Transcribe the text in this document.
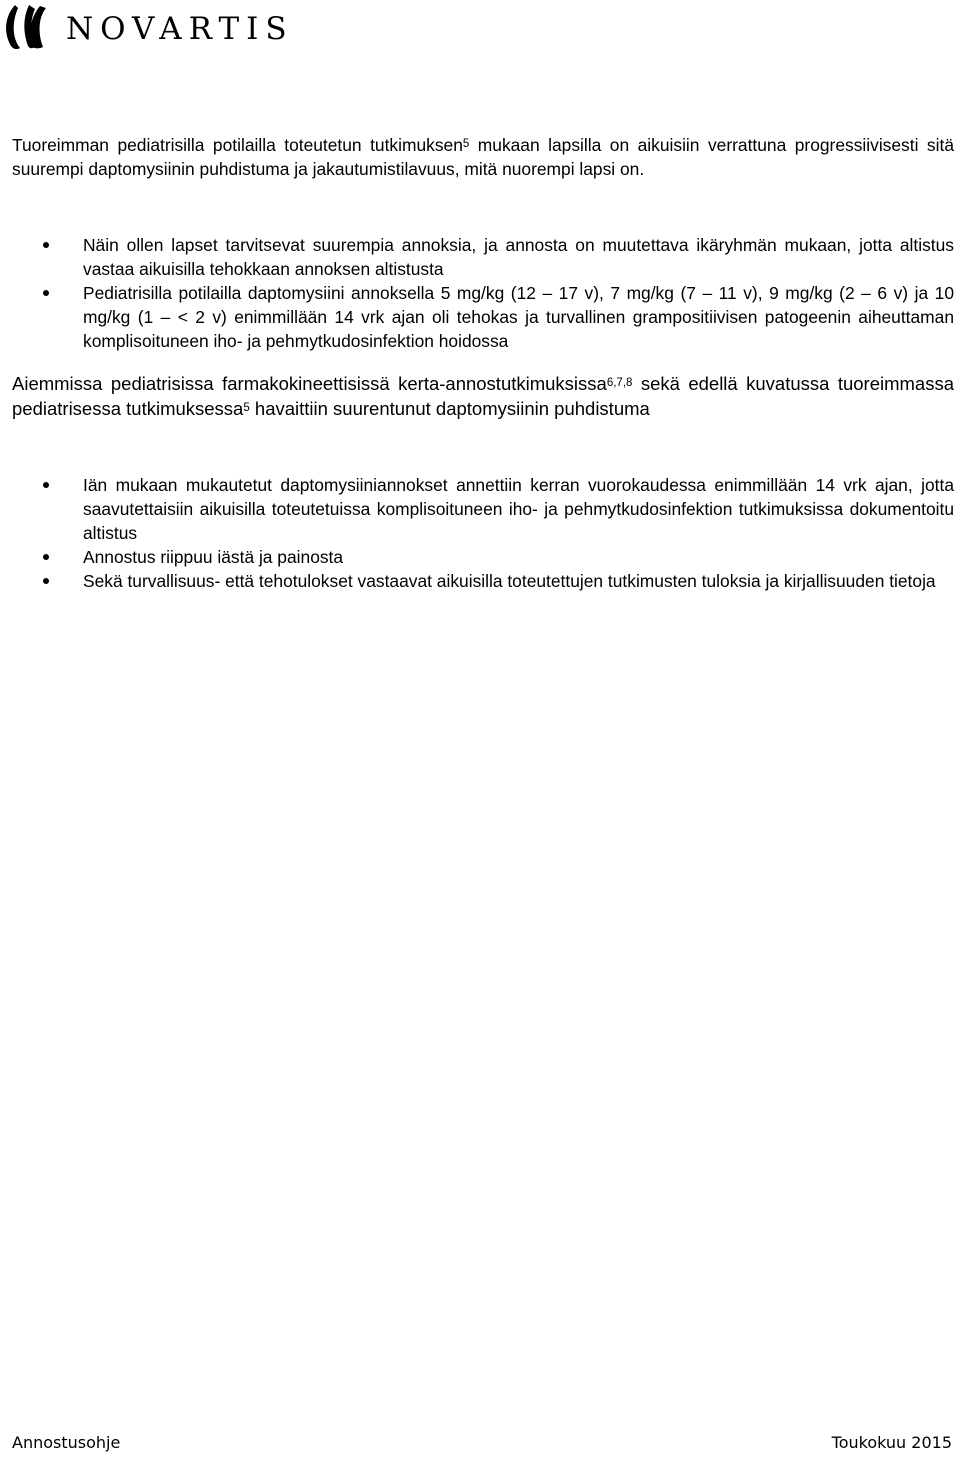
NOVARTIS

Tuoreimman pediatrisilla potilailla toteutetun tutkimuksen$^5$ mukaan lapsilla on aikuisiin verrattuna progressiivisesti sitä suurempi daptomysiinin puhdistuma ja jakautumistilavuus, mitä nuorempi lapsi on.

Näin ollen lapset tarvitsevat suurempia annoksia, ja annosta on muutettava ikäryhmän mukaan, jotta altistus vastaa aikuisilla tehokkaan annoksen altistusta
Pediatrisilla potilailla daptomysiini annoksella 5 mg/kg (12 – 17 v), 7 mg/kg (7 – 11 v), 9 mg/kg (2 – 6 v) ja 10 mg/kg (1 – < 2 v) enimmillään 14 vrk ajan oli tehokas ja turvallinen grampositiivisen patogeenin aiheuttaman komplisoituneen iho- ja pehmytkudosinfektion hoidossa

Aiemmissa pediatrisissa farmakokineettisissä kerta-annostutkimuksissa$^{6,7,8}$ sekä edellä kuvatussa tuoreimmassa pediatrisessa tutkimuksessa$^5$ havaittiin suurentunut daptomysiinin puhdistuma

Iän mukaan mukautetut daptomysiiniannokset annettiin kerran vuorokaudessa enimmillään 14 vrk ajan, jotta saavutettaisiin aikuisilla toteutetuissa komplisoituneen iho- ja pehmytkudosinfektion tutkimuksissa dokumentoitu altistus
Annostus riippuu iästä ja painosta
Sekä turvallisuus- että tehotulokset vastaavat aikuisilla toteutettujen tutkimusten tuloksia ja kirjallisuuden tietoja
Annostusohje	Toukokuu 2015
